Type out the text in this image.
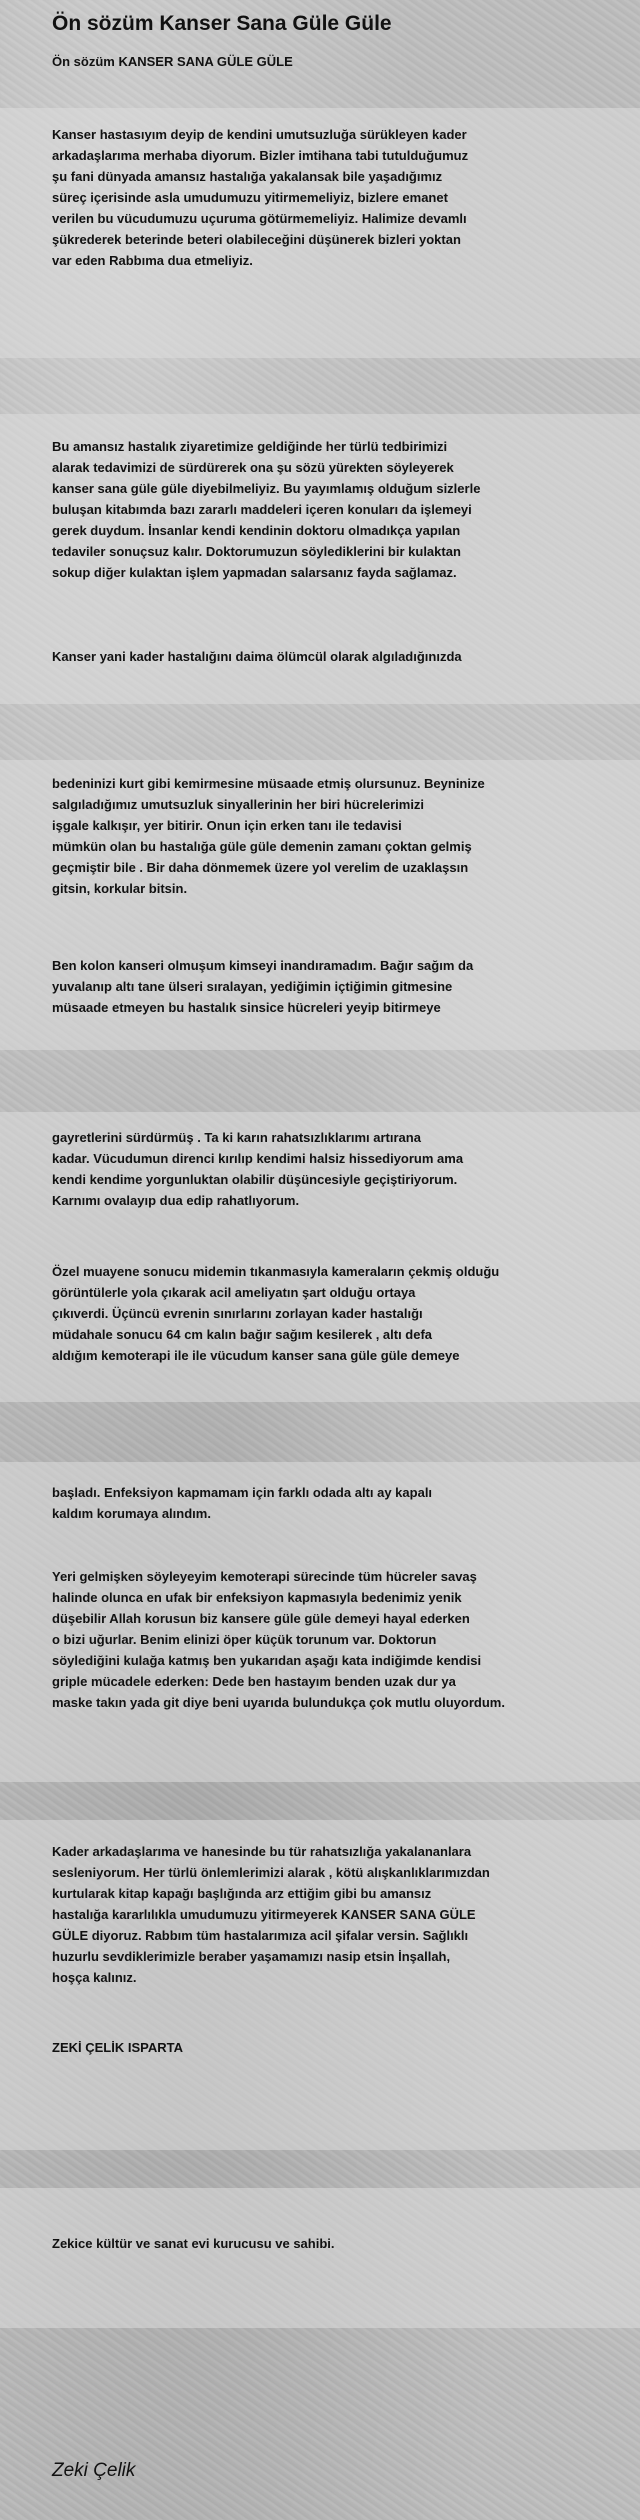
Ön sözüm Kanser Sana Güle Güle
Ön sözüm KANSER SANA GÜLE GÜLE
Kanser hastasıyım deyip de kendini umutsuzluğa sürükleyen kader
arkadaşlarıma merhaba diyorum. Bizler imtihana tabi tutulduğumuz
şu fani dünyada amansız hastalığa yakalansak bile yaşadığımız
süreç içerisinde asla umudumuzu yitirmemeliyiz, bizlere emanet
verilen bu vücudumuzu uçuruma götürmemeliyiz. Halimize devamlı
şükrederek beterinde beteri olabileceğini düşünerek bizleri yoktan
var eden Rabbıma dua etmeliyiz.
Bu amansız hastalık ziyaretimize geldiğinde her türlü tedbirimizi
alarak tedavimizi de sürdürerek ona şu sözü yürekten söyleyerek
kanser sana güle güle diyebilmeliyiz. Bu yayımlamış olduğum sizlerle
buluşan kitabımda bazı zararlı maddeleri içeren konuları da işlemeyi
gerek duydum. İnsanlar kendi kendinin doktoru olmadıkça yapılan
tedaviler sonuçsuz kalır. Doktorumuzun söylediklerini bir kulaktan
sokup diğer kulaktan işlem yapmadan salarsanız fayda sağlamaz.
Kanser yani kader hastalığını daima ölümcül olarak algıladığınızda
bedeninizi kurt gibi kemirmesine müsaade etmiş olursunuz. Beyninize
salgıladığımız umutsuzluk sinyallerinin her biri hücrelerimizi
işgale kalkışır, yer bitirir. Onun için erken tanı ile tedavisi
mümkün olan bu hastalığa güle güle demenin zamanı çoktan gelmiş
geçmiştir bile . Bir daha dönmemek üzere yol verelim de uzaklaşsın
gitsin, korkular bitsin.
Ben kolon kanseri olmuşum kimseyi inandıramadım. Bağır sağım da
yuvalanıp altı tane ülseri sıralayan, yediğimin içtiğimin gitmesine
müsaade etmeyen bu hastalık sinsice hücreleri yeyip bitirmeye
gayretlerini sürdürmüş . Ta ki karın rahatsızlıklarımı artırana
kadar. Vücudumun direnci kırılıp kendimi halsiz hissediyorum ama
kendi kendime yorgunluktan olabilir düşüncesiyle geçiştiriyorum.
Karnımı ovalayıp dua edip rahatlıyorum.
Özel muayene sonucu midemin tıkanmasıyla kameraların çekmiş olduğu
görüntülerle yola çıkarak acil ameliyatın şart olduğu ortaya
çıkıverdi. Üçüncü evrenin sınırlarını zorlayan kader hastalığı
müdahale sonucu 64 cm kalın bağır sağım kesilerek , altı defa
aldığım kemoterapi ile ile vücudum kanser sana güle güle demeye
başladı. Enfeksiyon kapmamam için farklı odada altı ay kapalı
kaldım korumaya alındım.
Yeri gelmişken söyleyeyim kemoterapi sürecinde tüm hücreler savaş
halinde olunca en ufak bir enfeksiyon kapmasıyla bedenimiz yenik
düşebilir Allah korusun biz kansere güle güle demeyi hayal ederken
o bizi uğurlar. Benim elinizi öper küçük torunum var. Doktorun
söylediğini kulağa katmış ben yukarıdan aşağı kata indiğimde kendisi
griple mücadele ederken: Dede ben hastayım benden uzak dur ya
maske takın yada git diye beni uyarıda bulundukça çok mutlu oluyordum.
Kader arkadaşlarıma ve hanesinde bu tür rahatsızlığa yakalananlara
sesleniyorum. Her türlü önlemlerimizi alarak , kötü alışkanlıklarımızdan
kurtularak kitap kapağı başlığında arz ettiğim gibi bu amansız
hastalığa kararlılıkla umudumuzu yitirmeyerek KANSER SANA GÜLE
GÜLE diyoruz. Rabbım tüm hastalarımıza acil şifalar versin. Sağlıklı
huzurlu sevdiklerimizle beraber yaşamamızı nasip etsin İnşallah,
hoşça kalınız.
ZEKİ ÇELİK ISPARTA
Zekice kültür ve sanat evi kurucusu ve sahibi.
Zeki Çelik
